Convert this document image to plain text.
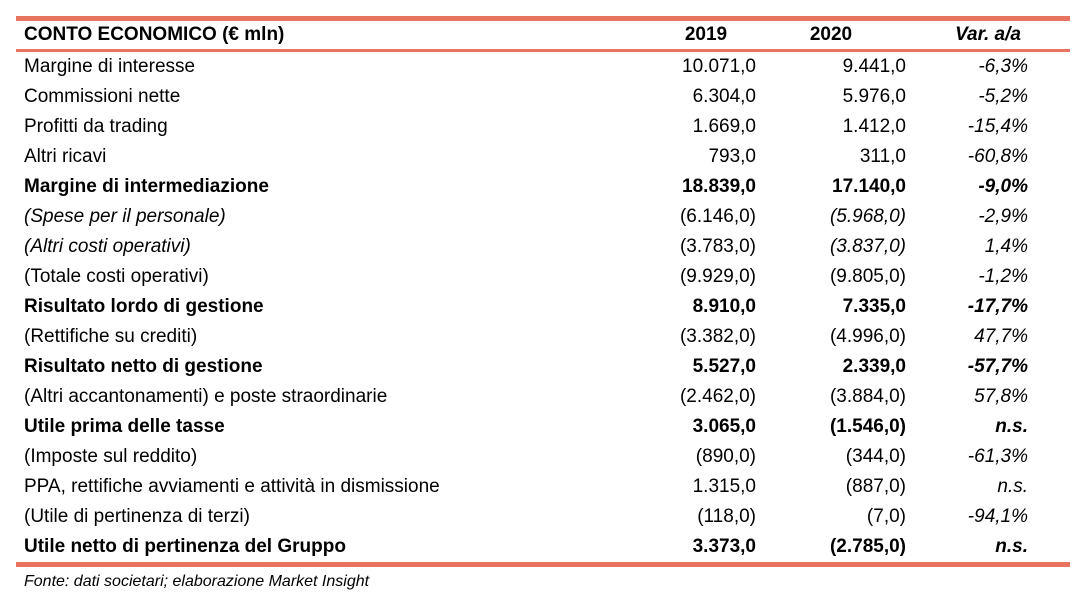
CONTO ECONOMICO (€ mln)	2019	2020	Var. a/a

Margine di interesse	10.071,0	9.441,0	-6,3%
Commissioni nette	6.304,0	5.976,0	-5,2%
Profitti da trading	1.669,0	1.412,0	-15,4%
Altri ricavi	793,0	311,0	-60,8%
Margine di intermediazione	18.839,0	17.140,0	-9,0%
(Spese per il personale)	(6.146,0)	(5.968,0)	-2,9%
(Altri costi operativi)	(3.783,0)	(3.837,0)	1,4%
(Totale costi operativi)	(9.929,0)	(9.805,0)	-1,2%
Risultato lordo di gestione	8.910,0	7.335,0	-17,7%
(Rettifiche su crediti)	(3.382,0)	(4.996,0)	47,7%
Risultato netto di gestione	5.527,0	2.339,0	-57,7%
(Altri accantonamenti) e poste straordinarie	(2.462,0)	(3.884,0)	57,8%
Utile prima delle tasse	3.065,0	(1.546,0)	n.s.
(Imposte sul reddito)	(890,0)	(344,0)	-61,3%
PPA, rettifiche avviamenti e attività in dismissione	1.315,0	(887,0)	n.s.
(Utile di pertinenza di terzi)	(118,0)	(7,0)	-94,1%
Utile netto di pertinenza del Gruppo	3.373,0	(2.785,0)	n.s.
Fonte: dati societari; elaborazione Market Insight
